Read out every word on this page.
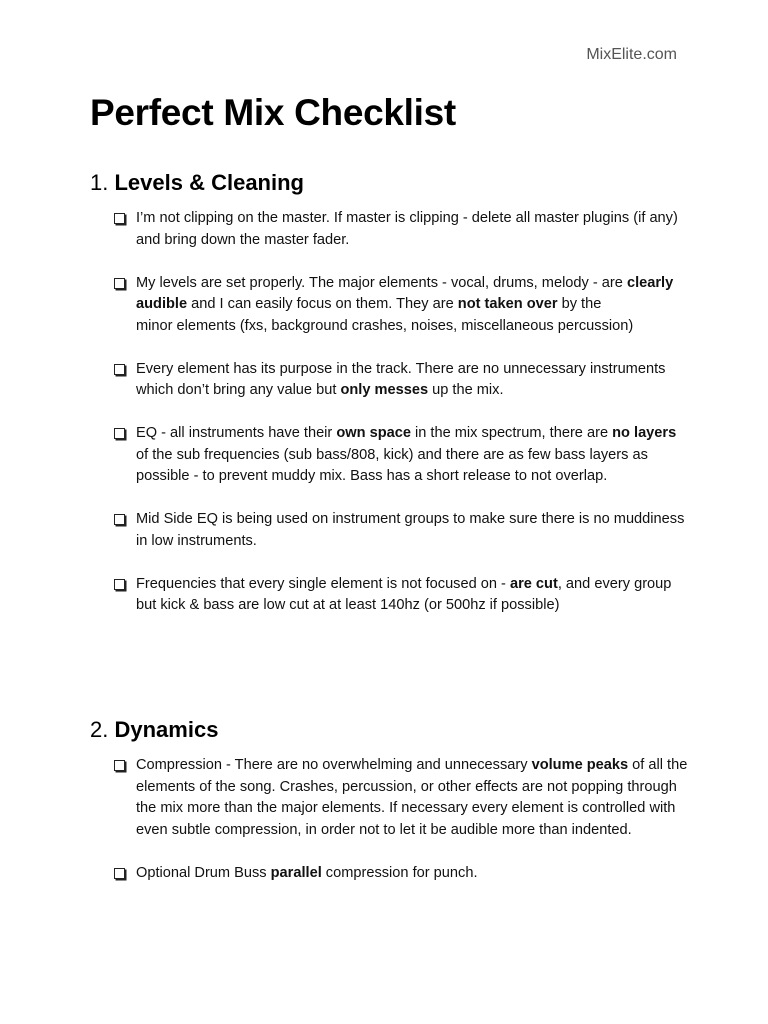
MixElite.com
Perfect Mix Checklist
1. Levels & Cleaning
I’m not clipping on the master. If master is clipping - delete all master plugins (if any) and bring down the master fader.
My levels are set properly. The major elements - vocal, drums, melody - are clearly audible and I can easily focus on them. They are not taken over by the
minor elements (fxs, background crashes, noises, miscellaneous percussion)
Every element has its purpose in the track. There are no unnecessary instruments which don’t bring any value but only messes up the mix.
EQ - all instruments have their own space in the mix spectrum, there are no layers of the sub frequencies (sub bass/808, kick) and there are as few bass layers as possible - to prevent muddy mix. Bass has a short release to not overlap.
Mid Side EQ is being used on instrument groups to make sure there is no muddiness in low instruments.
Frequencies that every single element is not focused on - are cut, and every group but kick & bass are low cut at at least 140hz (or 500hz if possible)
2. Dynamics
Compression - There are no overwhelming and unnecessary volume peaks of all the elements of the song. Crashes, percussion, or other effects are not popping through the mix more than the major elements. If necessary every element is controlled with even subtle compression, in order not to let it be audible more than indented.
Optional Drum Buss parallel compression for punch.
